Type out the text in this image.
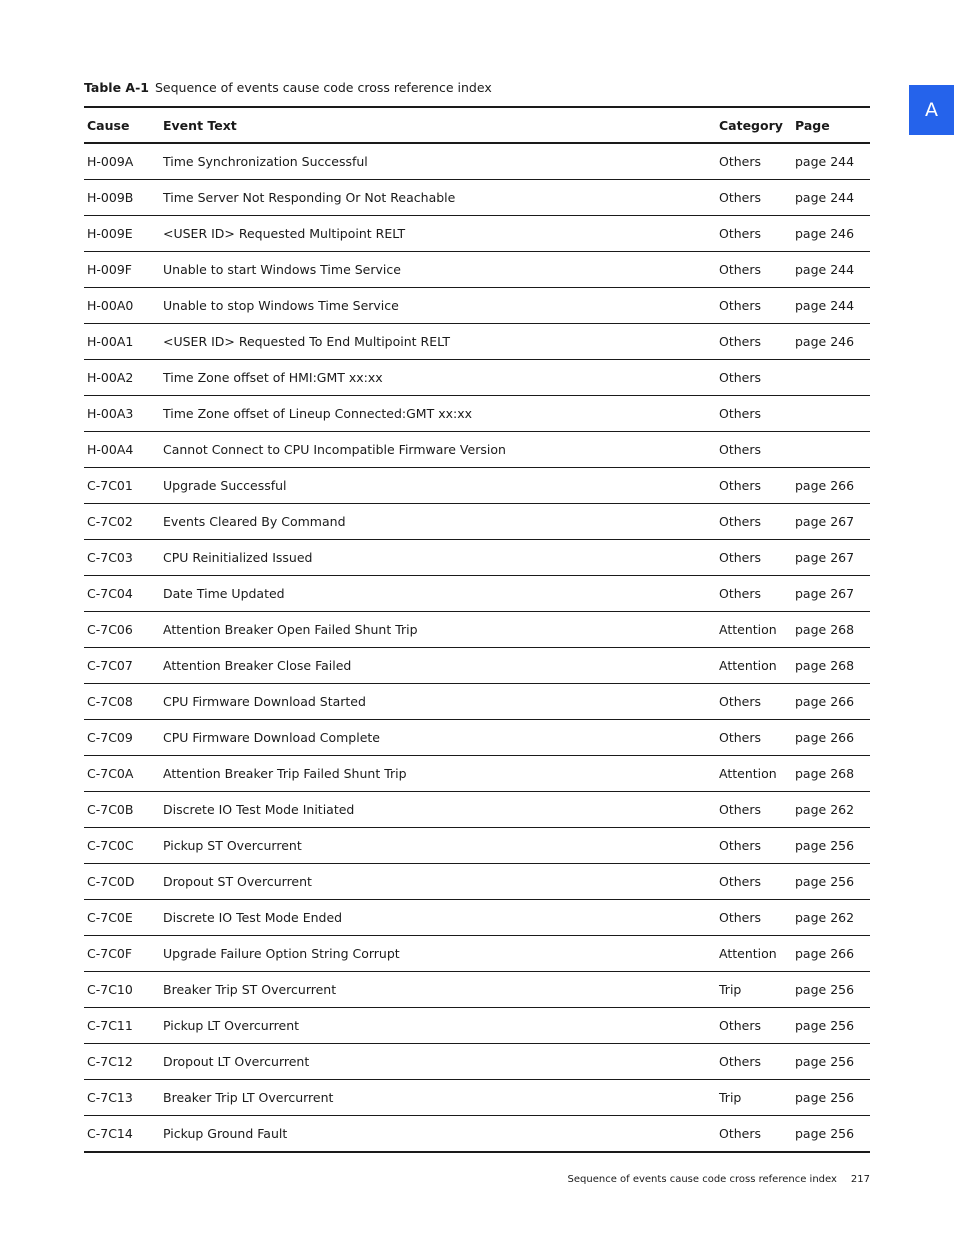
Table A-1 Sequence of events cause code cross reference index
A
Cause	Event Text	Category	Page
H-009A	Time Synchronization Successful	Others	page 244
H-009B	Time Server Not Responding Or Not Reachable	Others	page 244
H-009E	<USER ID> Requested Multipoint RELT	Others	page 246
H-009F	Unable to start Windows Time Service	Others	page 244
H-00A0	Unable to stop Windows Time Service	Others	page 244
H-00A1	<USER ID> Requested To End Multipoint RELT	Others	page 246
H-00A2	Time Zone offset of HMI:GMT xx:xx	Others	
H-00A3	Time Zone offset of Lineup Connected:GMT xx:xx	Others	
H-00A4	Cannot Connect to CPU Incompatible Firmware Version	Others	
C-7C01	Upgrade Successful	Others	page 266
C-7C02	Events Cleared By Command	Others	page 267
C-7C03	CPU Reinitialized Issued	Others	page 267
C-7C04	Date Time Updated	Others	page 267
C-7C06	Attention Breaker Open Failed Shunt Trip	Attention	page 268
C-7C07	Attention Breaker Close Failed	Attention	page 268
C-7C08	CPU Firmware Download Started	Others	page 266
C-7C09	CPU Firmware Download Complete	Others	page 266
C-7C0A	Attention Breaker Trip Failed Shunt Trip	Attention	page 268
C-7C0B	Discrete IO Test Mode Initiated	Others	page 262
C-7C0C	Pickup ST Overcurrent	Others	page 256
C-7C0D	Dropout ST Overcurrent	Others	page 256
C-7C0E	Discrete IO Test Mode Ended	Others	page 262
C-7C0F	Upgrade Failure Option String Corrupt	Attention	page 266
C-7C10	Breaker Trip ST Overcurrent	Trip	page 256
C-7C11	Pickup LT Overcurrent	Others	page 256
C-7C12	Dropout LT Overcurrent	Others	page 256
C-7C13	Breaker Trip LT Overcurrent	Trip	page 256
C-7C14	Pickup Ground Fault	Others	page 256
Sequence of events cause code cross reference index 217
